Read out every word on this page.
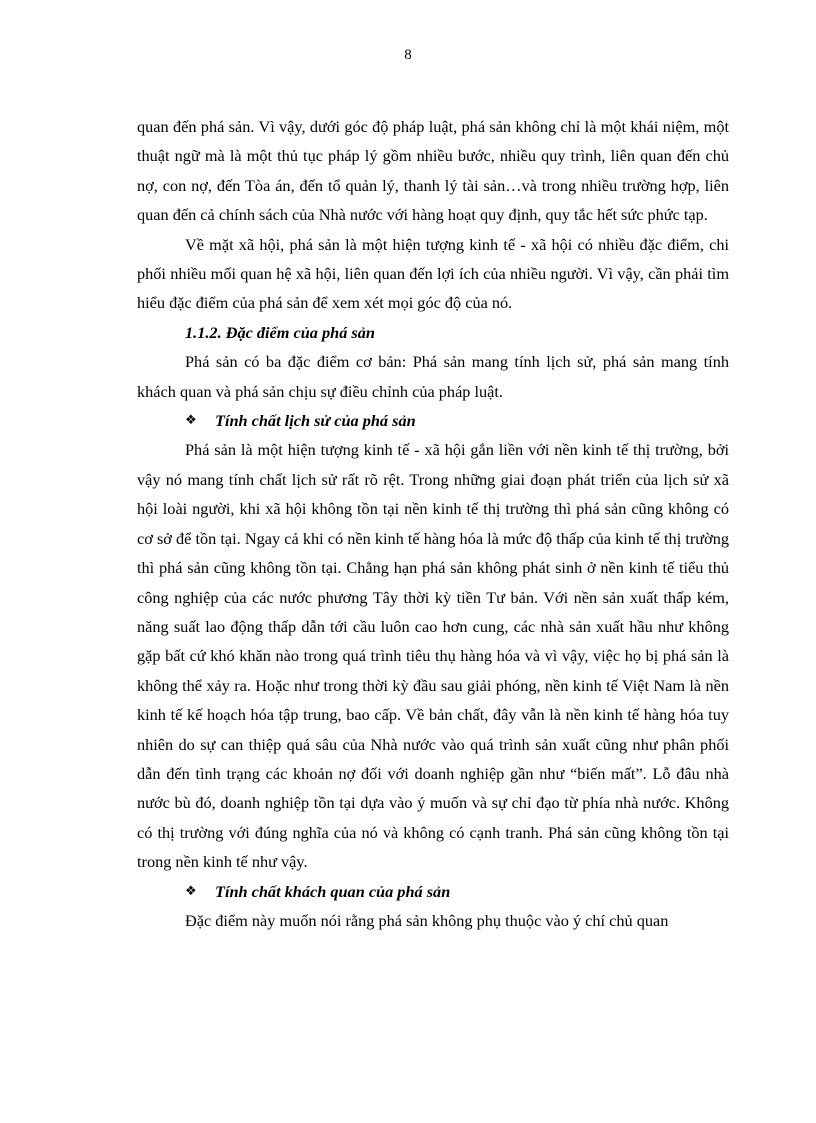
8

quan đến phá sản. Vì vậy, dưới góc độ pháp luật, phá sản không chỉ là một khái niệm, một thuật ngữ mà là một thủ tục pháp lý gồm nhiều bước, nhiều quy trình, liên quan đến chủ nợ, con nợ, đến Tòa án, đến tổ quản lý, thanh lý tài sản…và trong nhiều trường hợp, liên quan đến cả chính sách của Nhà nước với hàng hoạt quy định, quy tắc hết sức phức tạp.

Về mặt xã hội, phá sản là một hiện tượng kinh tế - xã hội có nhiều đặc điểm, chi phối nhiều mối quan hệ xã hội, liên quan đến lợi ích của nhiều người. Vì vậy, cần phải tìm hiểu đặc điểm của phá sản để xem xét mọi góc độ của nó.

1.1.2. Đặc điểm của phá sản

Phá sản có ba đặc điểm cơ bản: Phá sản mang tính lịch sử, phá sản mang tính khách quan và phá sản chịu sự điều chỉnh của pháp luật.

❖	Tính chất lịch sử của phá sản

Phá sản là một hiện tượng kinh tế - xã hội gắn liền với nền kinh tế thị trường, bởi vậy nó mang tính chất lịch sử rất rõ rệt. Trong những giai đoạn phát triển của lịch sử xã hội loài người, khi xã hội không tồn tại nền kinh tế thị trường thì phá sản cũng không có cơ sở để tồn tại. Ngay cả khi có nền kinh tế hàng hóa là mức độ thấp của kinh tế thị trường thì phá sản cũng không tồn tại. Chẳng hạn phá sản không phát sinh ở nền kinh tế tiểu thủ công nghiệp của các nước phương Tây thời kỳ tiền Tư bản. Với nền sản xuất thấp kém, năng suất lao động thấp dẫn tới cầu luôn cao hơn cung, các nhà sản xuất hầu như không gặp bất cứ khó khăn nào trong quá trình tiêu thụ hàng hóa và vì vậy, việc họ bị phá sản là không thể xảy ra. Hoặc như trong thời kỳ đầu sau giải phóng, nền kinh tế Việt Nam là nền kinh tế kế hoạch hóa tập trung, bao cấp. Về bản chất, đây vẫn là nền kinh tế hàng hóa tuy nhiên do sự can thiệp quá sâu của Nhà nước vào quá trình sản xuất cũng như phân phối dẫn đến tình trạng các khoản nợ đối với doanh nghiệp gần như “biến mất”. Lỗ đâu nhà nước bù đó, doanh nghiệp tồn tại dựa vào ý muốn và sự chỉ đạo từ phía nhà nước. Không có thị trường với đúng nghĩa của nó và không có cạnh tranh. Phá sản cũng không tồn tại trong nền kinh tế như vậy.

❖	Tính chất khách quan của phá sản

Đặc điểm này muốn nói rằng phá sản không phụ thuộc vào ý chí chủ quan
